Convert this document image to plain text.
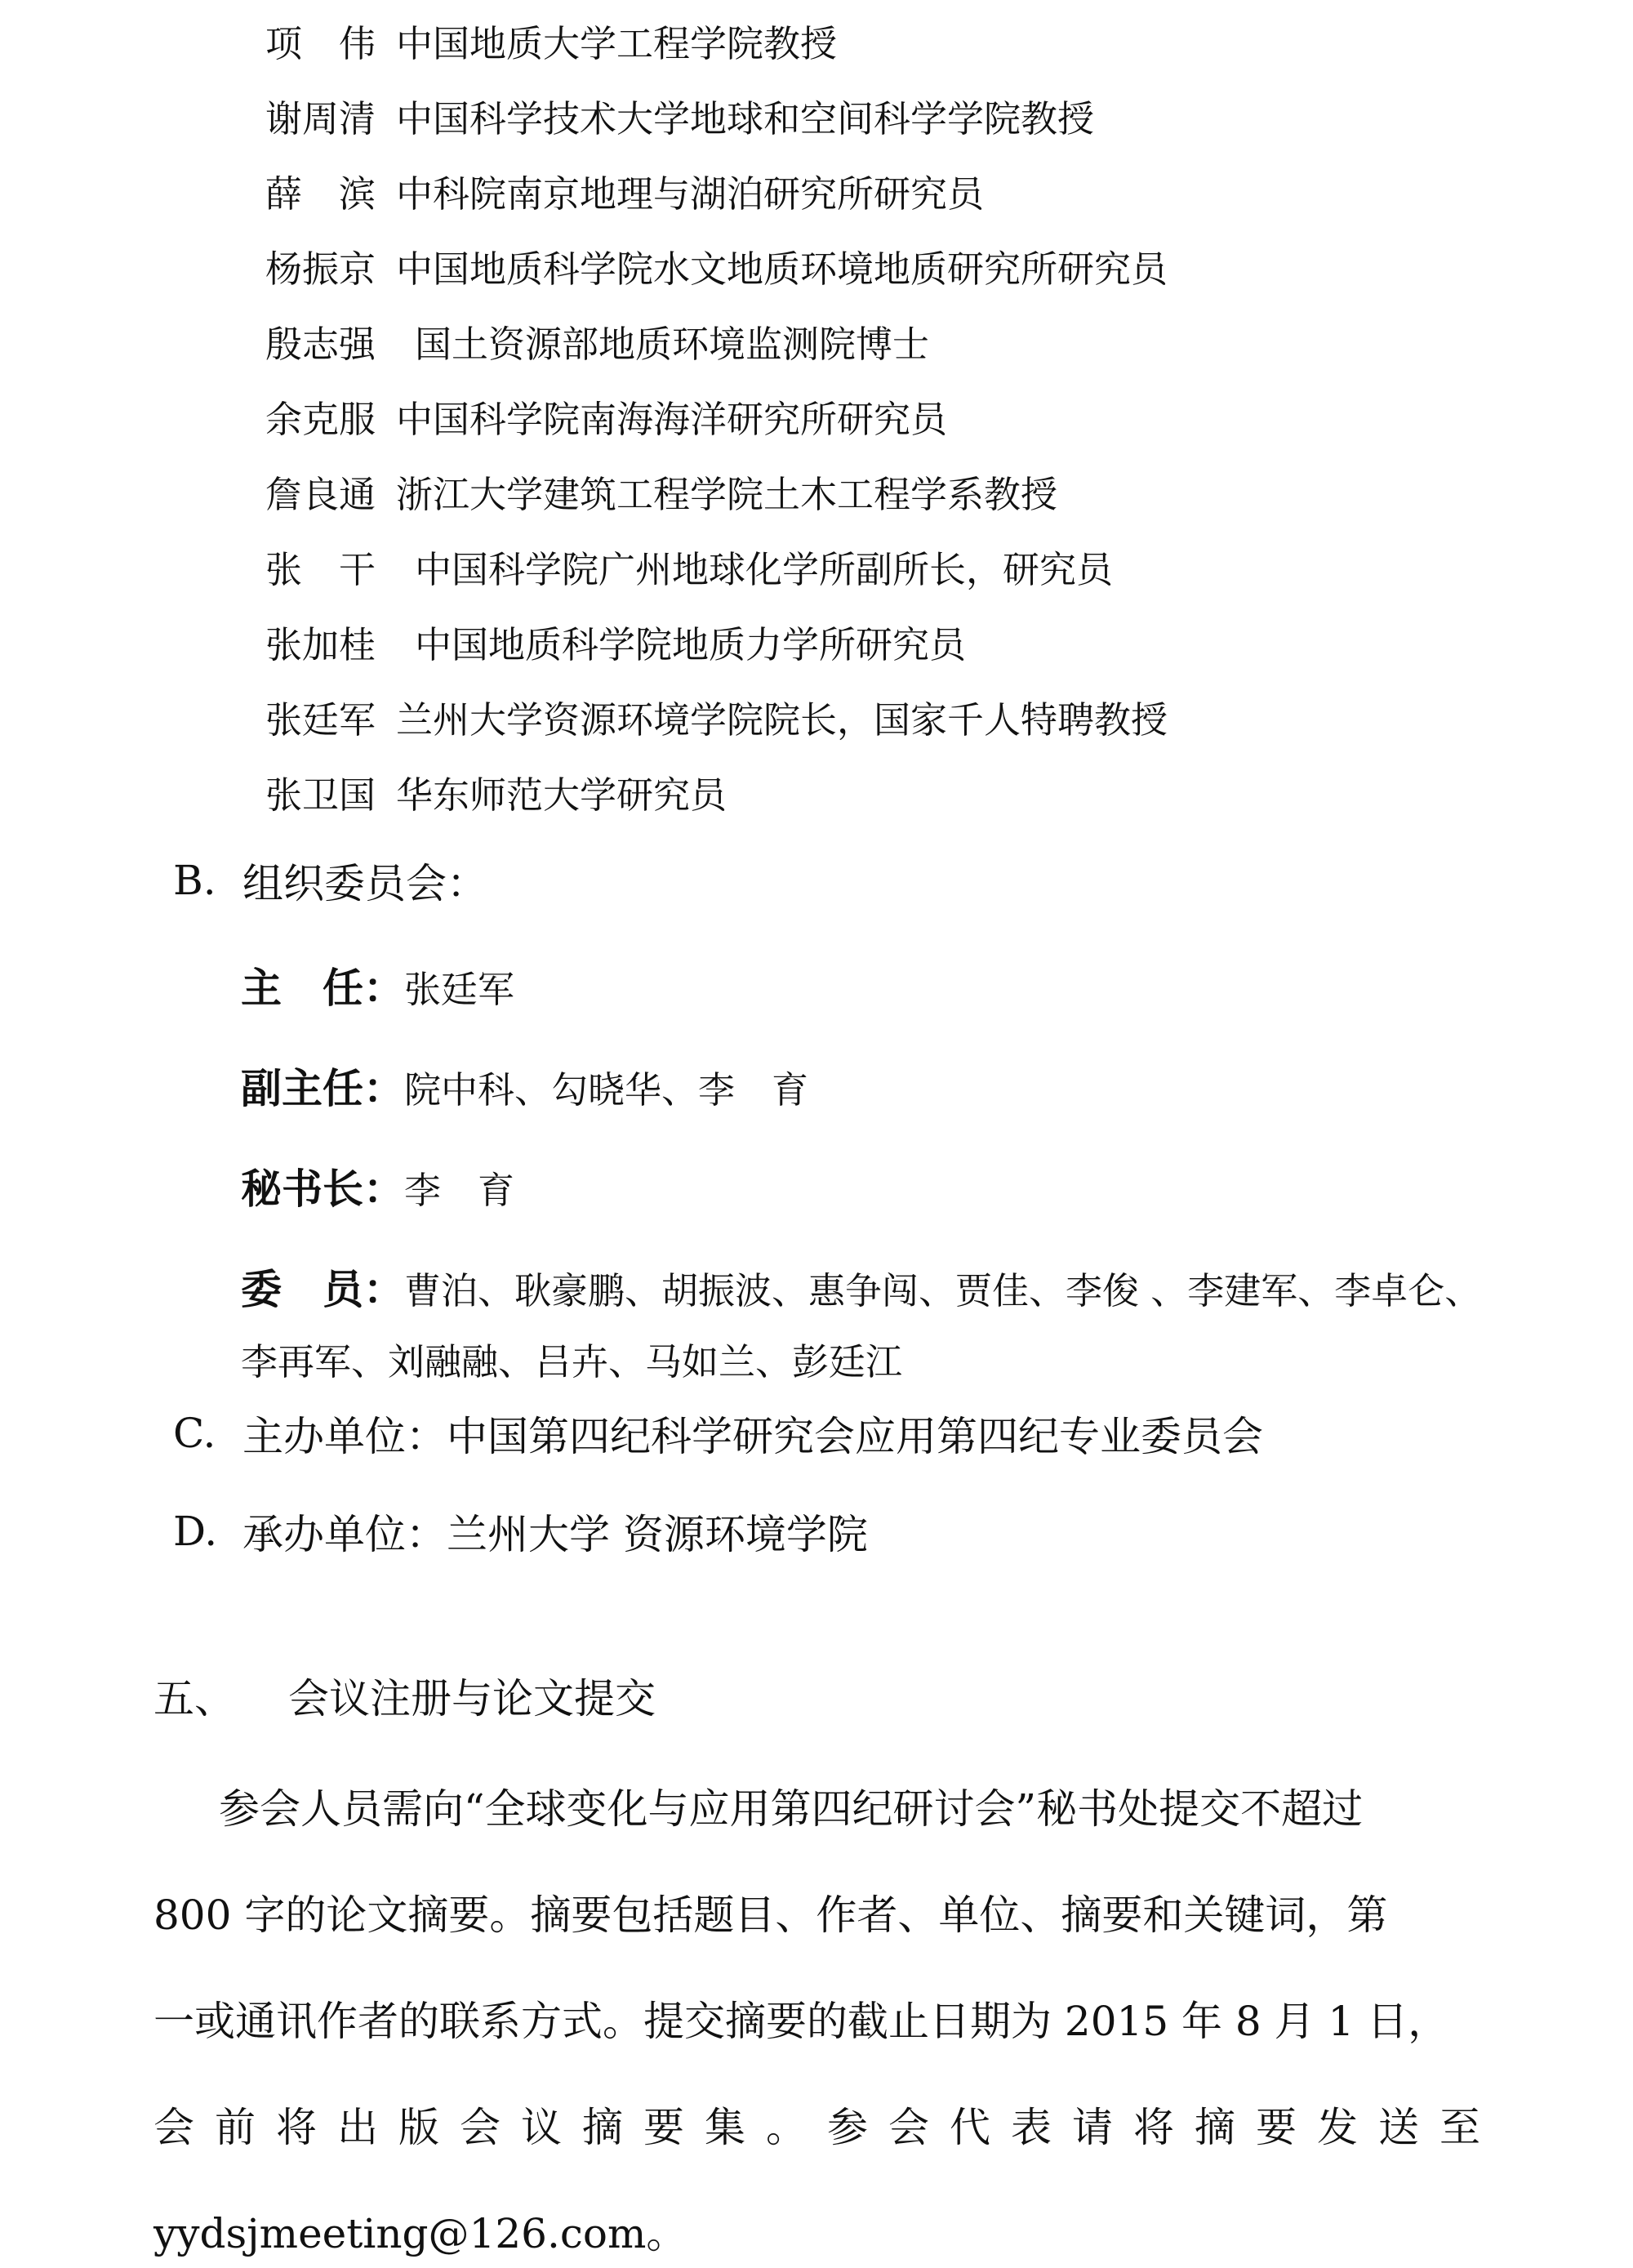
项　伟 中国地质大学工程学院教授
谢周清 中国科学技术大学地球和空间科学学院教授
薛　滨 中科院南京地理与湖泊研究所研究员
杨振京 中国地质科学院水文地质环境地质研究所研究员
殷志强	国土资源部地质环境监测院博士
余克服 中国科学院南海海洋研究所研究员
詹良通 浙江大学建筑工程学院土木工程学系教授
张　干	中国科学院广州地球化学所副所长，研究员
张加桂	中国地质科学院地质力学所研究员
张廷军 兰州大学资源环境学院院长，国家千人特聘教授
张卫国 华东师范大学研究员
B. 组织委员会：
主　任： 张廷军
副主任： 院中科、勾晓华、李　育
秘书长： 李　育
委　员： 曹泊、耿豪鹏、胡振波、惠争闯、贾佳、李俊 、李建军、李卓仑、
李再军、刘融融、吕卉、马如兰、彭廷江
C. 主办单位：中国第四纪科学研究会应用第四纪专业委员会
D. 承办单位：兰州大学 资源环境学院
五、	会议注册与论文提交
参会人员需向“全球变化与应用第四纪研讨会”秘书处提交不超过
800 字的论文摘要。摘要包括题目、作者、单位、摘要和关键词，第
一或通讯作者的联系方式。提交摘要的截止日期为 2015 年 8 月 1 日，
会前将出版会议摘要集。参会代表请将摘要发送至
yydsjmeeting@126.com。
